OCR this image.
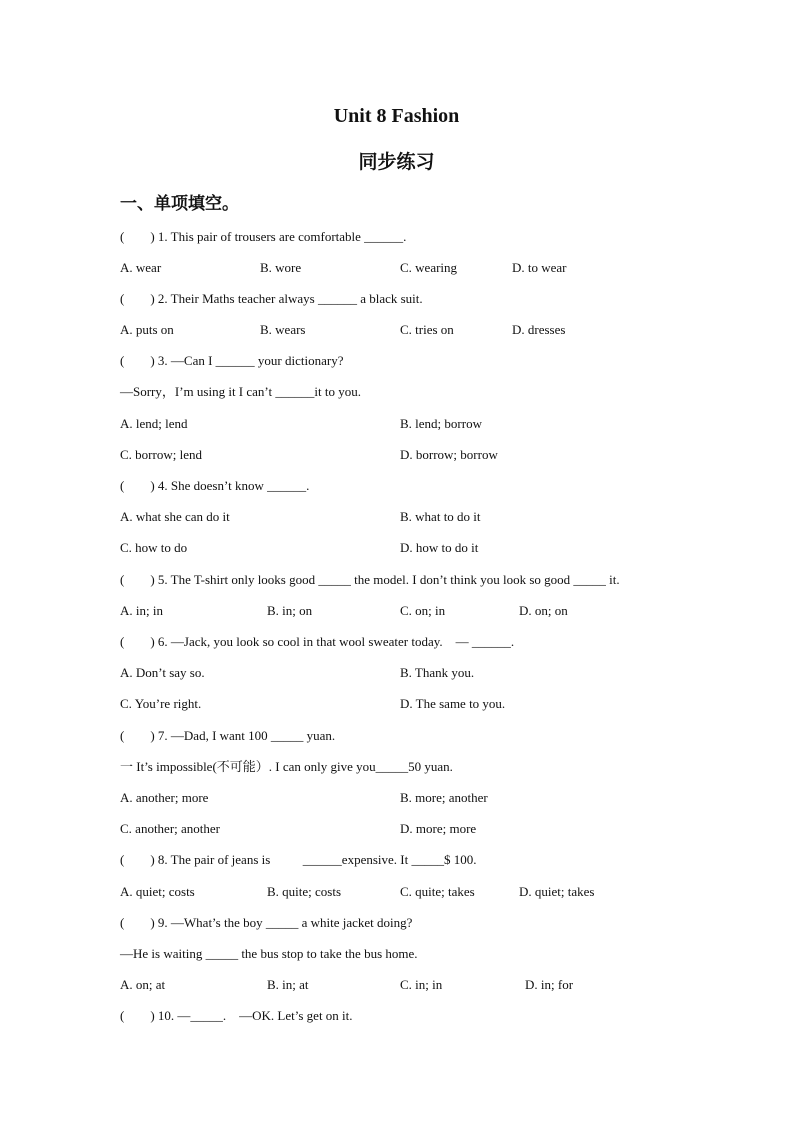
Unit 8 Fashion
同步练习
一、单项填空。
(        ) 1. This pair of trousers are comfortable ______.
A. wear	B. wore	C. wearing	D. to wear
(        ) 2. Their Maths teacher always ______ a black suit.
A. puts on	B. wears	C. tries on	D. dresses
(        ) 3. —Can I ______ your dictionary?
—Sorry，I’m using it I can’t ______it to you.
A. lend; lend	B. lend; borrow
C. borrow; lend	D. borrow; borrow
(        ) 4. She doesn’t know ______.
A. what she can do it	B. what to do it
C. how to do	D. how to do it
(        ) 5. The T-shirt only looks good _____ the model. I don’t think you look so good _____ it.
A. in; in	B. in; on	C. on; in	D. on; on
(        ) 6. —Jack, you look so cool in that wool sweater today.    — ______.
A. Don’t say so.	B. Thank you.
C. You’re right.	D. The same to you.
(        ) 7. —Dad, I want 100 _____ yuan.
一 It’s impossible(不可能）. I can only give you_____50 yuan.
A. another; more	B. more; another
C. another; another	D. more; more
(        ) 8. The pair of jeans is          ______expensive. It _____$ 100.
A. quiet; costs	B. quite; costs	C. quite; takes	D. quiet; takes
(        ) 9. —What’s the boy _____ a white jacket doing?
—He is waiting _____ the bus stop to take the bus home.
A. on; at	B. in; at	C. in; in	D. in; for
(        ) 10. —_____.    —OK. Let’s get on it.
